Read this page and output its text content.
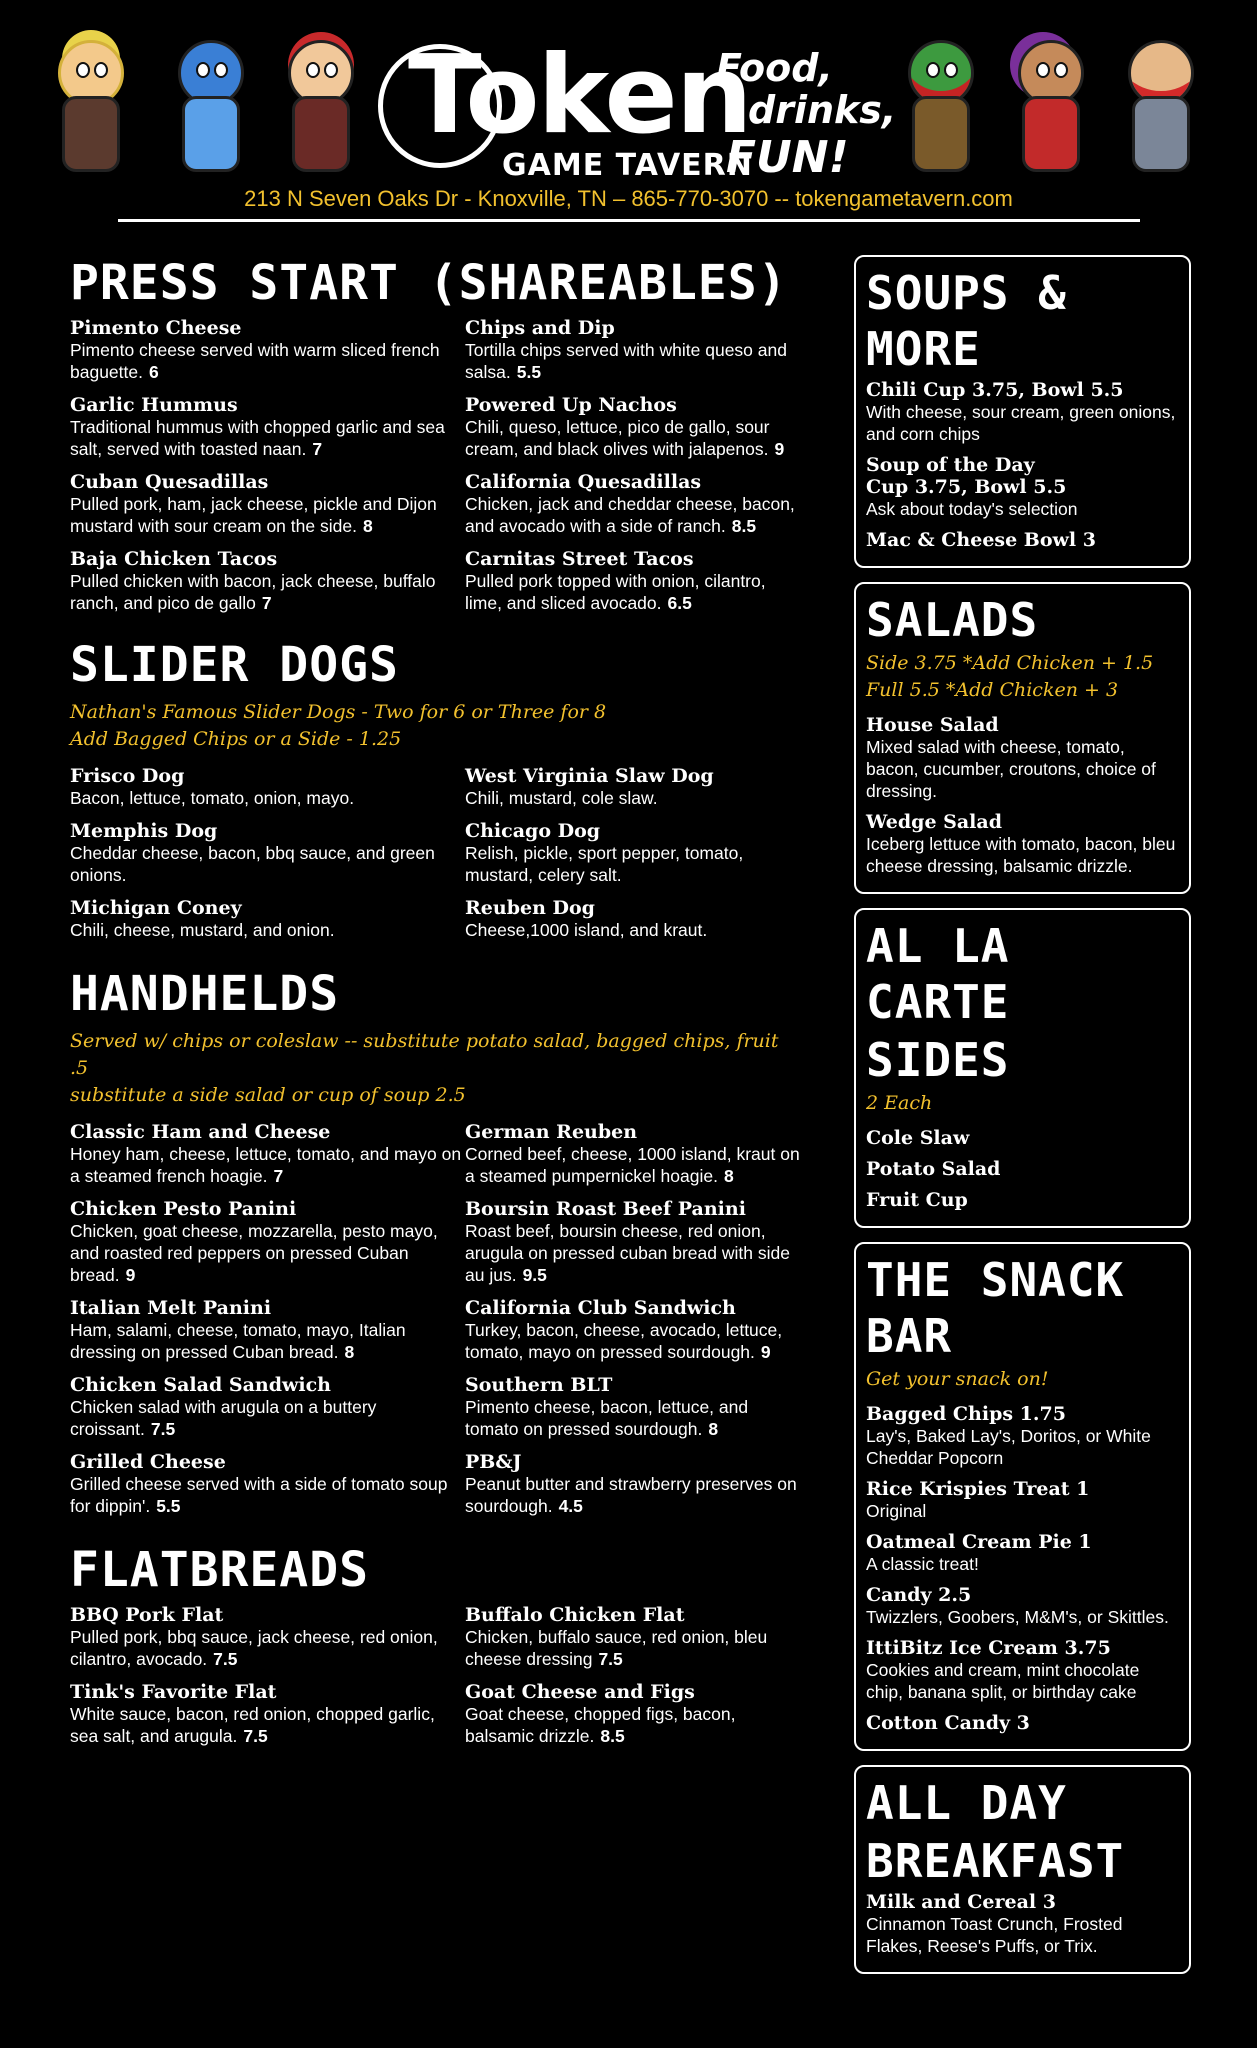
Token
GAME TAVERN
Food,
drinks,
FUN!
213 N Seven Oaks Dr - Knoxville, TN – 865-770-3070 -- tokengametavern.com
PRESS START (SHAREABLES)
Pimento Cheese
Pimento cheese served with warm sliced french baguette. 6
Chips and Dip
Tortilla chips served with white queso and salsa. 5.5
Garlic Hummus
Traditional hummus with chopped garlic and sea salt, served with toasted naan. 7
Powered Up Nachos
Chili, queso, lettuce, pico de gallo, sour cream, and black olives with jalapenos. 9
Cuban Quesadillas
Pulled pork, ham, jack cheese, pickle and Dijon mustard with sour cream on the side. 8
California Quesadillas
Chicken, jack and cheddar cheese, bacon, and avocado with a side of ranch. 8.5
Baja Chicken Tacos
Pulled chicken with bacon, jack cheese, buffalo ranch, and pico de gallo 7
Carnitas Street Tacos
Pulled pork topped with onion, cilantro, lime, and sliced avocado. 6.5
SLIDER DOGS
Nathan's Famous Slider Dogs - Two for 6 or Three for 8
Add Bagged Chips or a Side - 1.25
Frisco Dog
Bacon, lettuce, tomato, onion, mayo.
West Virginia Slaw Dog
Chili, mustard, cole slaw.
Memphis Dog
Cheddar cheese, bacon, bbq sauce, and green onions.
Chicago Dog
Relish, pickle, sport pepper, tomato, mustard, celery salt.
Michigan Coney
Chili, cheese, mustard, and onion.
Reuben Dog
Cheese,1000 island, and kraut.
HANDHELDS
Served w/ chips or coleslaw -- substitute potato salad, bagged chips, fruit .5
substitute a side salad or cup of soup 2.5
Classic Ham and Cheese
Honey ham, cheese, lettuce, tomato, and mayo on a steamed french hoagie. 7
German Reuben
Corned beef, cheese, 1000 island, kraut on a steamed pumpernickel hoagie. 8
Chicken Pesto Panini
Chicken, goat cheese, mozzarella, pesto mayo, and roasted red peppers on pressed Cuban bread. 9
Boursin Roast Beef Panini
Roast beef, boursin cheese, red onion, arugula on pressed cuban bread with side au jus. 9.5
Italian Melt Panini
Ham, salami, cheese, tomato, mayo, Italian dressing on pressed Cuban bread. 8
California Club Sandwich
Turkey, bacon, cheese, avocado, lettuce, tomato, mayo on pressed sourdough. 9
Chicken Salad Sandwich
Chicken salad with arugula on a buttery croissant. 7.5
Southern BLT
Pimento cheese, bacon, lettuce, and tomato on pressed sourdough. 8
Grilled Cheese
Grilled cheese served with a side of tomato soup for dippin'. 5.5
PB&J
Peanut butter and strawberry preserves on sourdough. 4.5
FLATBREADS
BBQ Pork Flat
Pulled pork, bbq sauce, jack cheese, red onion, cilantro, avocado. 7.5
Buffalo Chicken Flat
Chicken, buffalo sauce, red onion, bleu cheese dressing 7.5
Tink's Favorite Flat
White sauce, bacon, red onion, chopped garlic, sea salt, and arugula. 7.5
Goat Cheese and Figs
Goat cheese, chopped figs, bacon, balsamic drizzle. 8.5
SOUPS & MORE
Chili Cup 3.75, Bowl 5.5
With cheese, sour cream, green onions, and corn chips
Soup of the Day
Cup 3.75, Bowl 5.5
Ask about today's selection
Mac & Cheese Bowl 3
SALADS
Side 3.75 *Add Chicken + 1.5
Full 5.5 *Add Chicken + 3
House Salad
Mixed salad with cheese, tomato, bacon, cucumber, croutons, choice of dressing.
Wedge Salad
Iceberg lettuce with tomato, bacon, bleu cheese dressing, balsamic drizzle.
AL LA CARTE
SIDES
2 Each
Cole Slaw
Potato Salad
Fruit Cup
THE SNACK BAR
Get your snack on!
Bagged Chips 1.75
Lay's, Baked Lay's, Doritos, or White Cheddar Popcorn
Rice Krispies Treat 1
Original
Oatmeal Cream Pie 1
A classic treat!
Candy 2.5
Twizzlers, Goobers, M&M's, or Skittles.
IttiBitz Ice Cream 3.75
Cookies and cream, mint chocolate chip, banana split, or birthday cake
Cotton Candy 3
ALL DAY
BREAKFAST
Milk and Cereal 3
Cinnamon Toast Crunch, Frosted Flakes, Reese's Puffs, or Trix.
